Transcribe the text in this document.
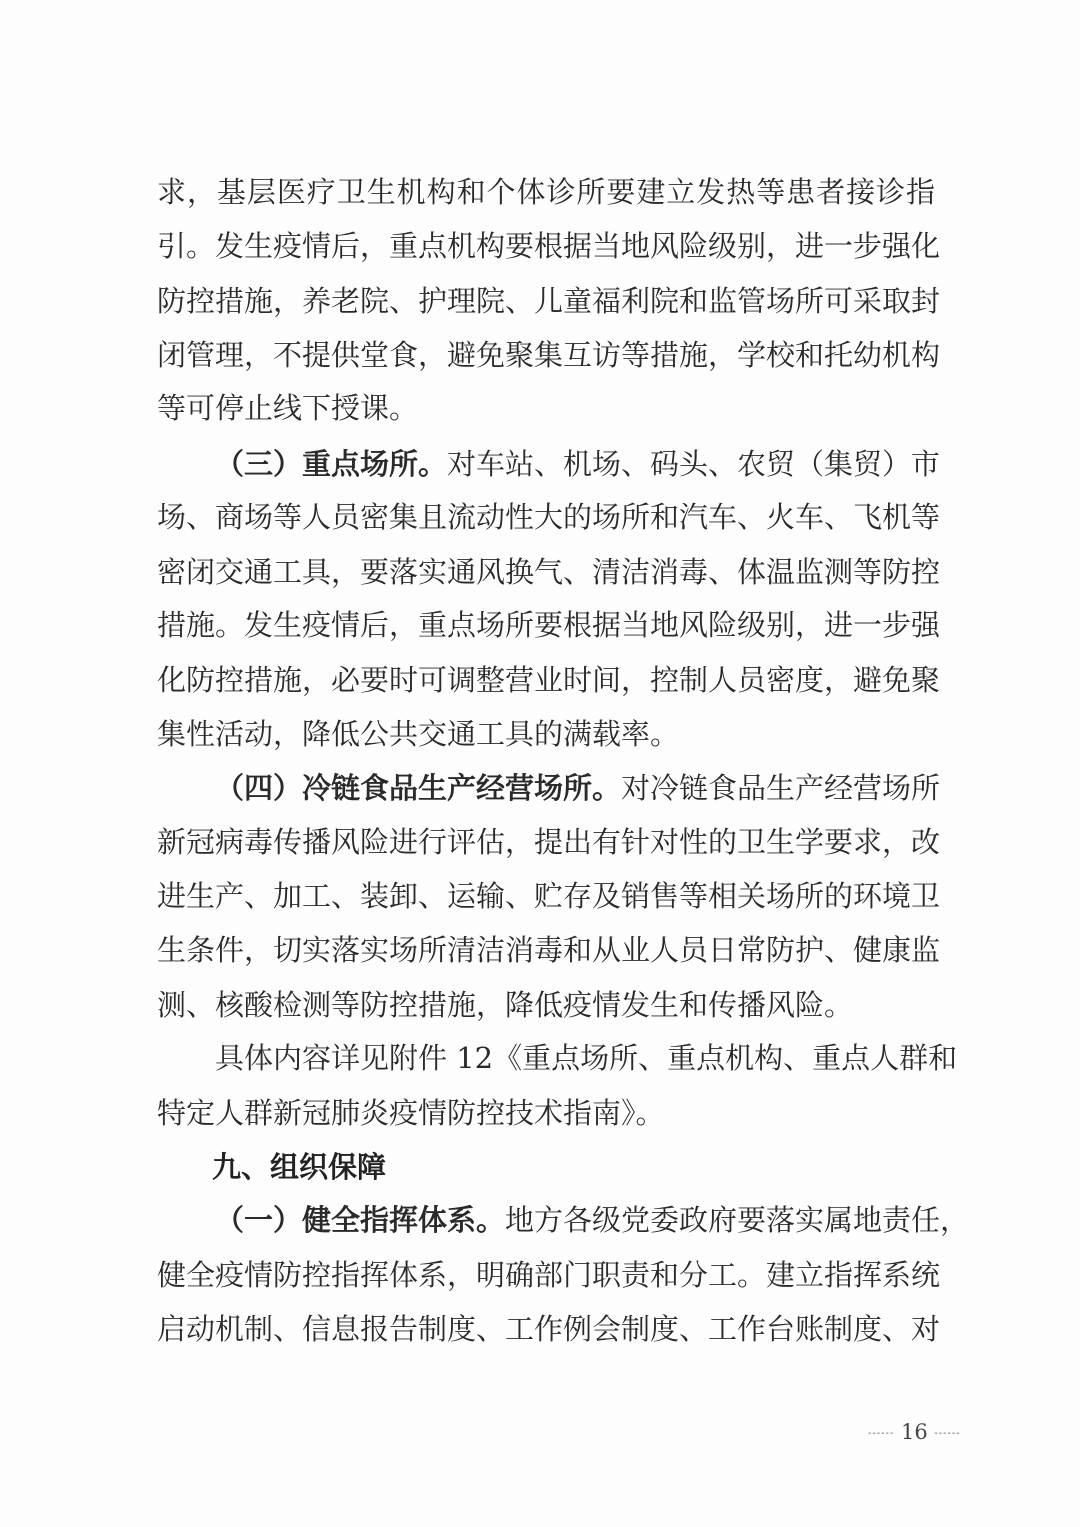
求，基层医疗卫生机构和个体诊所要建立发热等患者接诊指
引。发生疫情后，重点机构要根据当地风险级别，进一步强化
防控措施，养老院、护理院、儿童福利院和监管场所可采取封
闭管理，不提供堂食，避免聚集互访等措施，学校和托幼机构
等可停止线下授课。
（三）重点场所。对车站、机场、码头、农贸（集贸）市
场、商场等人员密集且流动性大的场所和汽车、火车、飞机等
密闭交通工具，要落实通风换气、清洁消毒、体温监测等防控
措施。发生疫情后，重点场所要根据当地风险级别，进一步强
化防控措施，必要时可调整营业时间，控制人员密度，避免聚
集性活动，降低公共交通工具的满载率。
（四）冷链食品生产经营场所。对冷链食品生产经营场所
新冠病毒传播风险进行评估，提出有针对性的卫生学要求，改
进生产、加工、装卸、运输、贮存及销售等相关场所的环境卫
生条件，切实落实场所清洁消毒和从业人员日常防护、健康监
测、核酸检测等防控措施，降低疫情发生和传播风险。
具体内容详见附件 12《重点场所、重点机构、重点人群和
特定人群新冠肺炎疫情防控技术指南》。
九、组织保障
（一）健全指挥体系。地方各级党委政府要落实属地责任，
健全疫情防控指挥体系，明确部门职责和分工。建立指挥系统
启动机制、信息报告制度、工作例会制度、工作台账制度、对
------ 16 ------
